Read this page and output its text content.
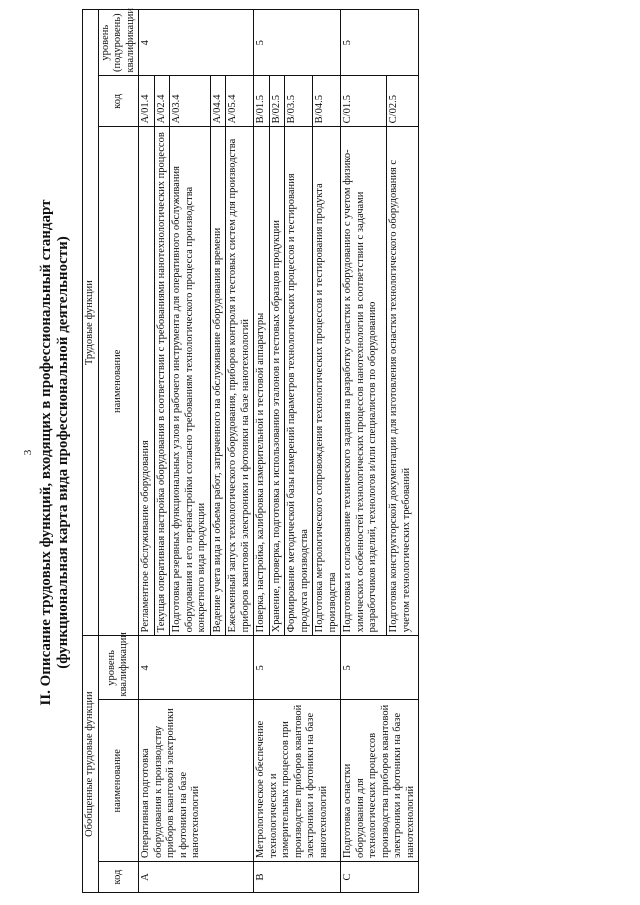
3 II. Описание трудовых функций, входящих в профессиональный стандарт (функциональная карта вида профессиональной деятельности)
Обобщенные трудовые функции			Трудовые функции		
код	наименование	уровень квалификации	наименование	код	уровень (подуровень) квалификации
A	Оперативная подготовка оборудования к производству приборов квантовой электроники и фотоники на базе нанотехнологий	4	Регламентное обслуживание оборудования	A/01.4	4
			Текущая оперативная настройка оборудования в соответствии с требованиями нанотехнологических процессов	A/02.4	
			Подготовка резервных функциональных узлов и рабочего инструмента для оперативного обслуживания оборудования и его перенастройки согласно требованиям технологического процесса производства конкретного вида продукции	A/03.4	
			Ведение учета вида и объема работ, затраченного на обслуживание оборудования времени	A/04.4	
			Ежесменный запуск технологического оборудования, приборов контроля и тестовых систем для производства приборов квантовой электроники и фотоники на базе нанотехнологий	A/05.4	
B	Метрологическое обеспечение технологических и измерительных процессов при производстве приборов квантовой электроники и фотоники на базе нанотехнологий	5	Поверка, настройка, калибровка измерительной и тестовой аппаратуры	B/01.5	5
			Хранение, проверка, подготовка к использованию эталонов и тестовых образцов продукции	B/02.5	
			Формирование методической базы измерений параметров технологических процессов и тестирования продукта производства	B/03.5	
			Подготовка метрологического сопровождения технологических процессов и тестирования продукта производства	B/04.5	
C	Подготовка оснастки оборудования для технологических процессов производства приборов квантовой электроники и фотоники на базе нанотехнологий	5	Подготовка и согласование технического задания на разработку оснастки к оборудованию с учетом физико-химических особенностей технологических процессов нанотехнологии в соответствии с задачами разработчиков изделий, технологов и/или специалистов по оборудованию	C/01.5	5
			Подготовка конструкторской документации для изготовления оснастки технологического оборудования с учетом технологических требований	C/02.5	
